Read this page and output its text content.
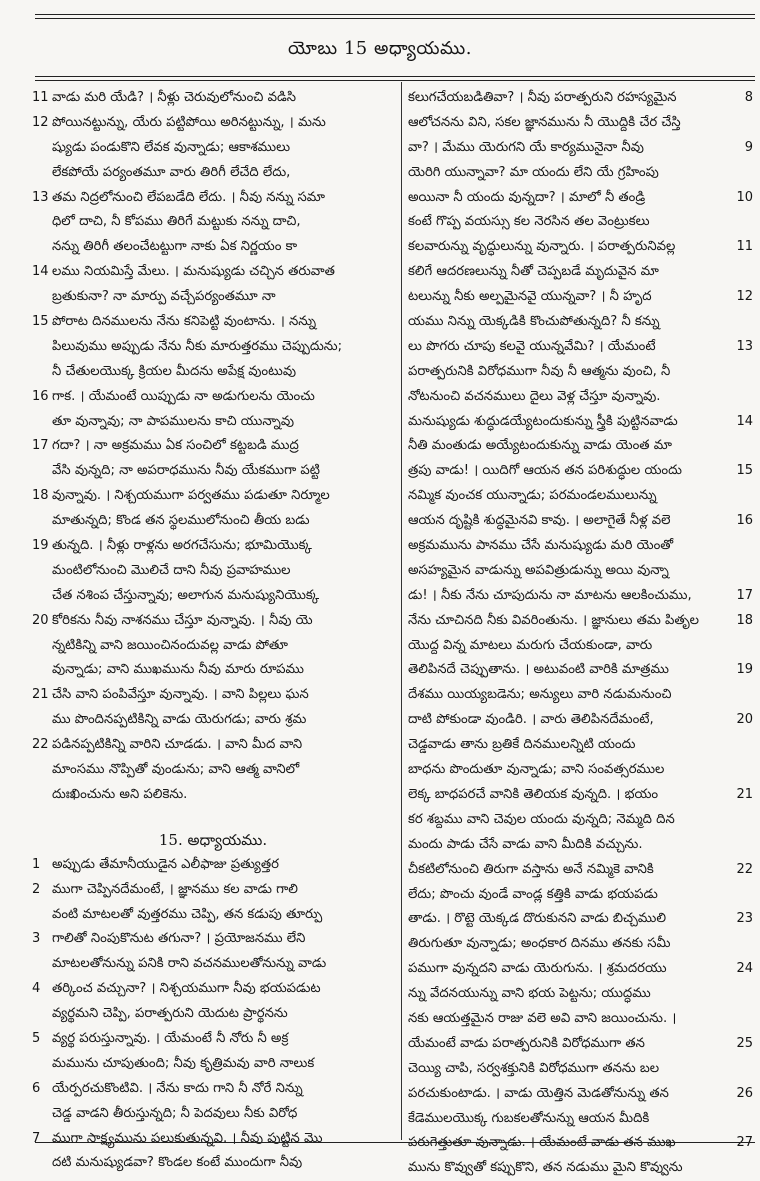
యోబు 15 అధ్యాయము.
11 వాడు మరి యేడి? । నీళ్లు చెరువులోనుంచి వడిసి
12 పోయినట్టున్ను, యేరు పట్టిపోయి అరినట్టున్ను, । మను
ష్యుడు పండుకొని లేవక వున్నాడు; ఆకాశములు
లేకపోయే పర్యంతమూ వారు తిరిగీ లేచేది లేదు,
13 తమ నిద్రలోనుంచి లేపబడేది లేదు. । నీవు నన్ను సమా
ధిలో దాచి, నీ కోపము తిరిగే మట్టుకు నన్ను దాచి,
నన్ను తిరిగీ తలంచేటట్టుగా నాకు ఏక నిర్ణయం కా
14 లము నియమిస్తే మేలు. । మనుష్యుడు చచ్చిన తరువాత
బ్రతుకునా? నా మార్పు వచ్చేపర్యంతమూ నా
15 పోరాట దినములను నేను కనిపెట్టి వుంటాను. । నన్ను
పిలువుము అప్పుడు నేను నీకు మారుత్తరము చెప్పుదును;
నీ చేతులయొక్క క్రియల మీదను అపేక్ష వుంటువు
16 గాక. । యేమంటే యిప్పుడు నా అడుగులను యెంచు
తూ వున్నావు; నా పాపములను కాచి యున్నావు
17 గదా? । నా అక్రమము ఏక సంచిలో కట్టబడి ముద్ర
వేసి వున్నది; నా అపరాధమును నీవు యేకముగా పట్టి
18 వున్నావు. । నిశ్చయముగా పర్వతము పడుతూ నిర్మూల
మాతున్నది; కొండ తన స్థలములోనుంచి తీయ బడు
19 తున్నది. । నీళ్లు రాళ్లను అరగచేసును; భూమియొక్క
మంటిలోనుంచి మొలిచే దాని నీవు ప్రవాహముల
చేత నశింప చేస్తున్నావు; అలాగున మనుష్యునియొక్క
20 కోరికను నీవు నాశనము చేస్తూ వున్నావు. । నీవు యె
న్నటికిన్ని వాని జయించినందువల్ల వాడు పోతూ
వున్నాడు; వాని ముఖమును నీవు మారు రూపము
21 చేసి వాని పంపివేస్తూ వున్నావు. । వాని పిల్లలు ఘన
ము పొందినప్పటికిన్ని వాడు యెరుగడు; వారు శ్రమ
22 పడినప్పటికిన్ని వారిని చూడడు. । వాని మీద వాని
మాంసము నొప్పితో వుండును; వాని ఆత్మ వానిలో
దుఃఖించును అని పలికెను.
15. అధ్యాయము.
1 అప్పుడు తేమానీయుడైన ఎలీఫాజు ప్రత్యుత్తర
2 ముగా చెప్పినదేమంటే, । జ్ఞానము కల వాడు గాలి
వంటి మాటలతో వుత్తరము చెప్పి, తన కడుపు తూర్పు
3 గాలితో నింపుకొనుట తగునా? । ప్రయోజనము లేని
మాటలతోనున్ను పనికి రాని వచనములతోనున్ను వాడు
4 తర్కించ వచ్చునా? । నిశ్చయముగా నీవు భయపడుట
వ్యర్థమని చెప్పి, పరాత్పరుని యెదుట ప్రార్థనను
5 వ్యర్థ పరుస్తున్నావు. । యేమంటే నీ నోరు నీ అక్ర
మమును చూపుతుంది; నీవు కృత్రిమవు వారి నాలుక
6 యేర్పరచుకొంటివి. । నేను కాదు గాని నీ నోరే నిన్ను
చెడ్డ వాడని తీరుస్తున్నది; నీ పెదవులు నీకు విరోధ
7 ముగా సాక్ష్యమును పలుకుతున్నవి. । నీవు పుట్టిన మొ
దటి మనుష్యుడవా? కొండల కంటే ముందుగా నీవు
కలుగచేయబడితివా? । నీవు పరాత్పరుని రహస్యమైన	8
ఆలోచనను విని, సకల జ్ఞానమును నీ యొద్దికి చేర చేస్తి
వా? । మేము యెరుగని యే కార్యమునైనా నీవు	9
యెరిగి యున్నావా? మా యందు లేని యే గ్రహింపు
అయినా నీ యందు వున్నదా? । మాలో నీ తండ్రి	10
కంటే గొప్ప వయస్సు కల నెరసిన తల వెంట్రుకలు
కలవారున్ను వృద్ధులున్ను వున్నారు. । పరాత్పరునివల్ల	11
కలిగే ఆదరణలున్ను నీతో చెప్పబడే మృదువైన మా
టలున్ను నీకు అల్పమైనవై యున్నవా? । నీ హృద	12
యము నిన్ను యెక్కడికి కొంచుపోతున్నది? నీ కన్ను
లు పొగరు చూపు కలవై యున్నవేమి? । యేమంటే	13
పరాత్పరునికి విరోధముగా నీవు నీ ఆత్మను వుంచి, నీ
నోటనుంచి వచనములు దైలు వెళ్ల చేస్తూ వున్నావు.
మనుష్యుడు శుద్ధుడయ్యేటందుకున్ను స్త్రీకి పుట్టినవాడు	14
నీతి మంతుడు అయ్యేటందుకున్ను వాడు యెంత మా
త్రపు వాడు! । యిదిగో ఆయన తన పరిశుద్ధుల యందు	15
నమ్మిక వుంచక యున్నాడు; పరమండలములున్ను
ఆయన దృష్టికి శుద్ధమైనవి కావు. । అలాగైతే నీళ్ల వలె	16
అక్రమమును పానము చేసే మనుష్యుడు మరి యెంతో
అసహ్యమైన వాడున్ను అపవిత్రుడున్ను అయి వున్నా
డు! । నీకు నేను చూపుదును నా మాటను ఆలకించుము,	17
నేను చూచినది నీకు వివరింతును. । జ్ఞానులు తమ పితృల	18
యొద్ద విన్న మాటలు మరుగు చేయకుండా, వారు
తెలిపినదే చెప్పుతాను. । అటువంటి వారికి మాత్రము	19
దేశము యియ్యబడెను; అన్యులు వారి నడుమనుంచి
దాటి పోకుండా వుండిరి. । వారు తెలిపినదేమంటే,	20
చెడ్డవాడు తాను బ్రతికే దినములన్నిటి యందు
బాధను పొందుతూ వున్నాడు; వాని సంవత్సరముల
లెక్క బాధపరచే వానికి తెలియక వున్నది. । భయం	21
కర శబ్దము వాని చెవుల యందు వున్నది; నెమ్మది దిన
మందు పాడు చేసే వాడు వాని మీదికి వచ్చును.
చీకటిలోనుంచి తిరుగా వస్తాను అనే నమ్మికె వానికి	22
లేదు; పొంచు వుండే వాండ్ల కత్తికి వాడు భయపడు
తాడు. । రొట్టె యెక్కడ దొరుకునని వాడు బిచ్చములి	23
తిరుగుతూ వున్నాడు; అంధకార దినము తనకు సమీ
పముగా వున్నదని వాడు యెరుగును. । శ్రమదరయు	24
న్ను వేదనయున్ను వాని భయ పెట్టను; యుద్ధము
నకు ఆయత్తమైన రాజు వలె అవి వాని జయించును. ।
యేమంటే వాడు పరాత్పరునికి విరోధముగా తన	25
చెయ్యి చాపి, సర్వశక్తునికి విరోధముగా తనను బల
పరచుకుంటాడు. । వాడు యెత్తిన మెడతోనున్ను తన	26
కేడెములయొక్క గుబకలతోనున్ను ఆయన మీదికి
పరుగెత్తుతూ వున్నాడు. । యేమంటే వాడు తన ముఖ	27
మును కొవ్వుతో కప్పుకొని, తన నడుము మైని కొవ్వును
